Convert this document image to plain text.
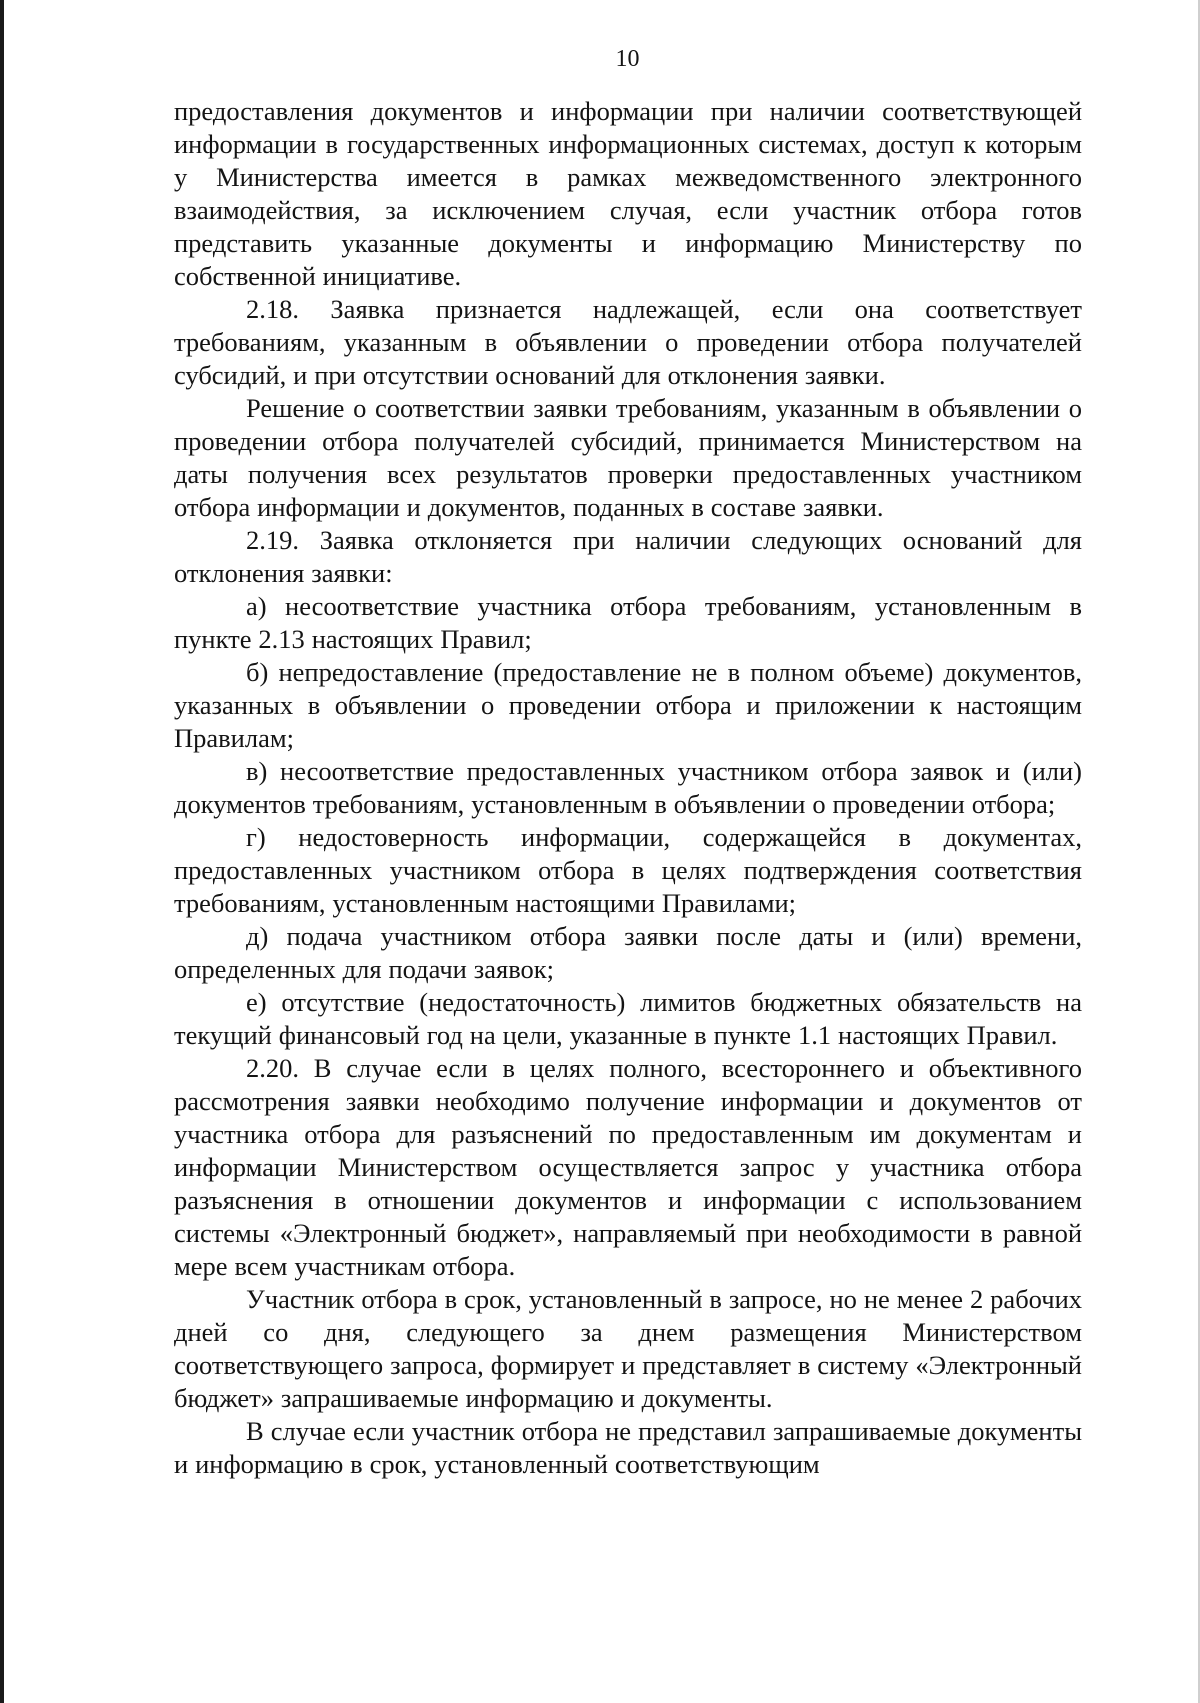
10

предоставления документов и информации при наличии соответствующей информации в государственных информационных системах, доступ к которым у Министерства имеется в рамках межведомственного электронного взаимодействия, за исключением случая, если участник отбора готов представить указанные документы и информацию Министерству по собственной инициативе.

2.18. Заявка признается надлежащей, если она соответствует требованиям, указанным в объявлении о проведении отбора получателей субсидий, и при отсутствии оснований для отклонения заявки.

Решение о соответствии заявки требованиям, указанным в объявлении о проведении отбора получателей субсидий, принимается Министерством на даты получения всех результатов проверки предоставленных участником отбора информации и документов, поданных в составе заявки.

2.19. Заявка отклоняется при наличии следующих оснований для отклонения заявки:

а) несоответствие участника отбора требованиям, установленным в пункте 2.13 настоящих Правил;

б) непредоставление (предоставление не в полном объеме) документов, указанных в объявлении о проведении отбора и приложении к настоящим Правилам;

в) несоответствие предоставленных участником отбора заявок и (или) документов требованиям, установленным в объявлении о проведении отбора;

г) недостоверность информации, содержащейся в документах, предоставленных участником отбора в целях подтверждения соответствия требованиям, установленным настоящими Правилами;

д) подача участником отбора заявки после даты и (или) времени, определенных для подачи заявок;

е) отсутствие (недостаточность) лимитов бюджетных обязательств на текущий финансовый год на цели, указанные в пункте 1.1 настоящих Правил.

2.20. В случае если в целях полного, всестороннего и объективного рассмотрения заявки необходимо получение информации и документов от участника отбора для разъяснений по предоставленным им документам и информации Министерством осуществляется запрос у участника отбора разъяснения в отношении документов и информации с использованием системы «Электронный бюджет», направляемый при необходимости в равной мере всем участникам отбора.

Участник отбора в срок, установленный в запросе, но не менее 2 рабочих дней со дня, следующего за днем размещения Министерством соответствующего запроса, формирует и представляет в систему «Электронный бюджет» запрашиваемые информацию и документы.

В случае если участник отбора не представил запрашиваемые документы и информацию в срок, установленный соответствующим
